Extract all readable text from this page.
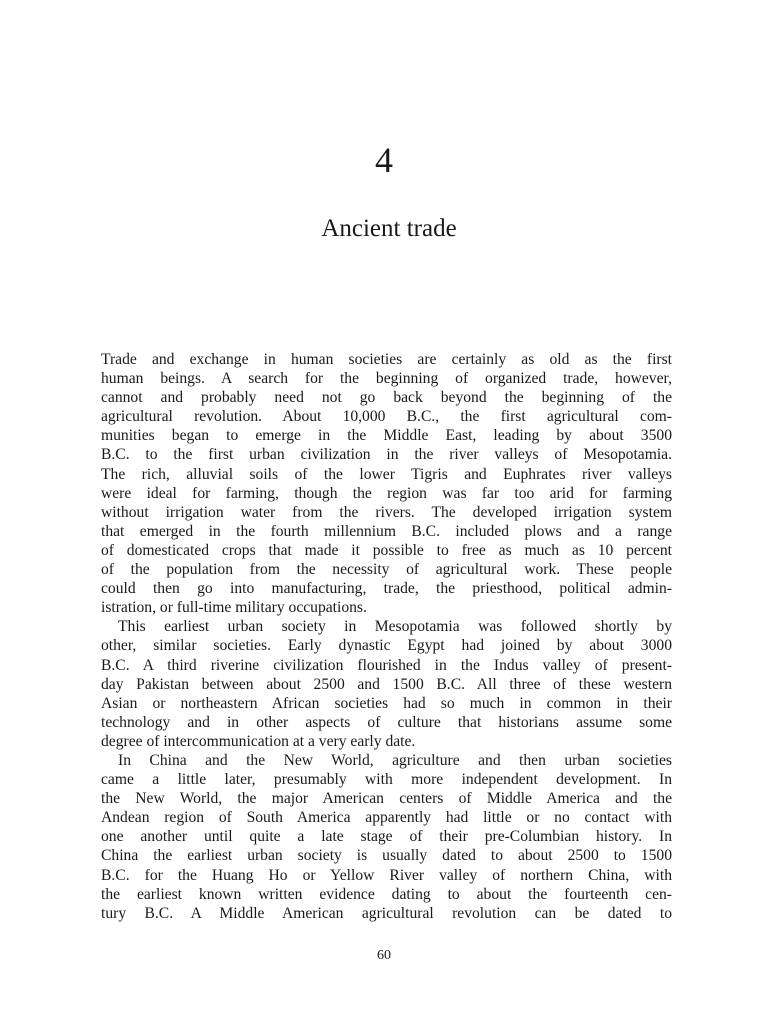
4
Ancient trade
Trade and exchange in human societies are certainly as old as the first
human beings. A search for the beginning of organized trade, however,
cannot and probably need not go back beyond the beginning of the
agricultural revolution. About 10,000 B.C., the first agricultural com-
munities began to emerge in the Middle East, leading by about 3500
B.C. to the first urban civilization in the river valleys of Mesopotamia.
The rich, alluvial soils of the lower Tigris and Euphrates river valleys
were ideal for farming, though the region was far too arid for farming
without irrigation water from the rivers. The developed irrigation system
that emerged in the fourth millennium B.C. included plows and a range
of domesticated crops that made it possible to free as much as 10 percent
of the population from the necessity of agricultural work. These people
could then go into manufacturing, trade, the priesthood, political admin-
istration, or full-time military occupations.
This earliest urban society in Mesopotamia was followed shortly by
other, similar societies. Early dynastic Egypt had joined by about 3000
B.C. A third riverine civilization flourished in the Indus valley of present-
day Pakistan between about 2500 and 1500 B.C. All three of these western
Asian or northeastern African societies had so much in common in their
technology and in other aspects of culture that historians assume some
degree of intercommunication at a very early date.
In China and the New World, agriculture and then urban societies
came a little later, presumably with more independent development. In
the New World, the major American centers of Middle America and the
Andean region of South America apparently had little or no contact with
one another until quite a late stage of their pre-Columbian history. In
China the earliest urban society is usually dated to about 2500 to 1500
B.C. for the Huang Ho or Yellow River valley of northern China, with
the earliest known written evidence dating to about the fourteenth cen-
tury B.C. A Middle American agricultural revolution can be dated to
60
